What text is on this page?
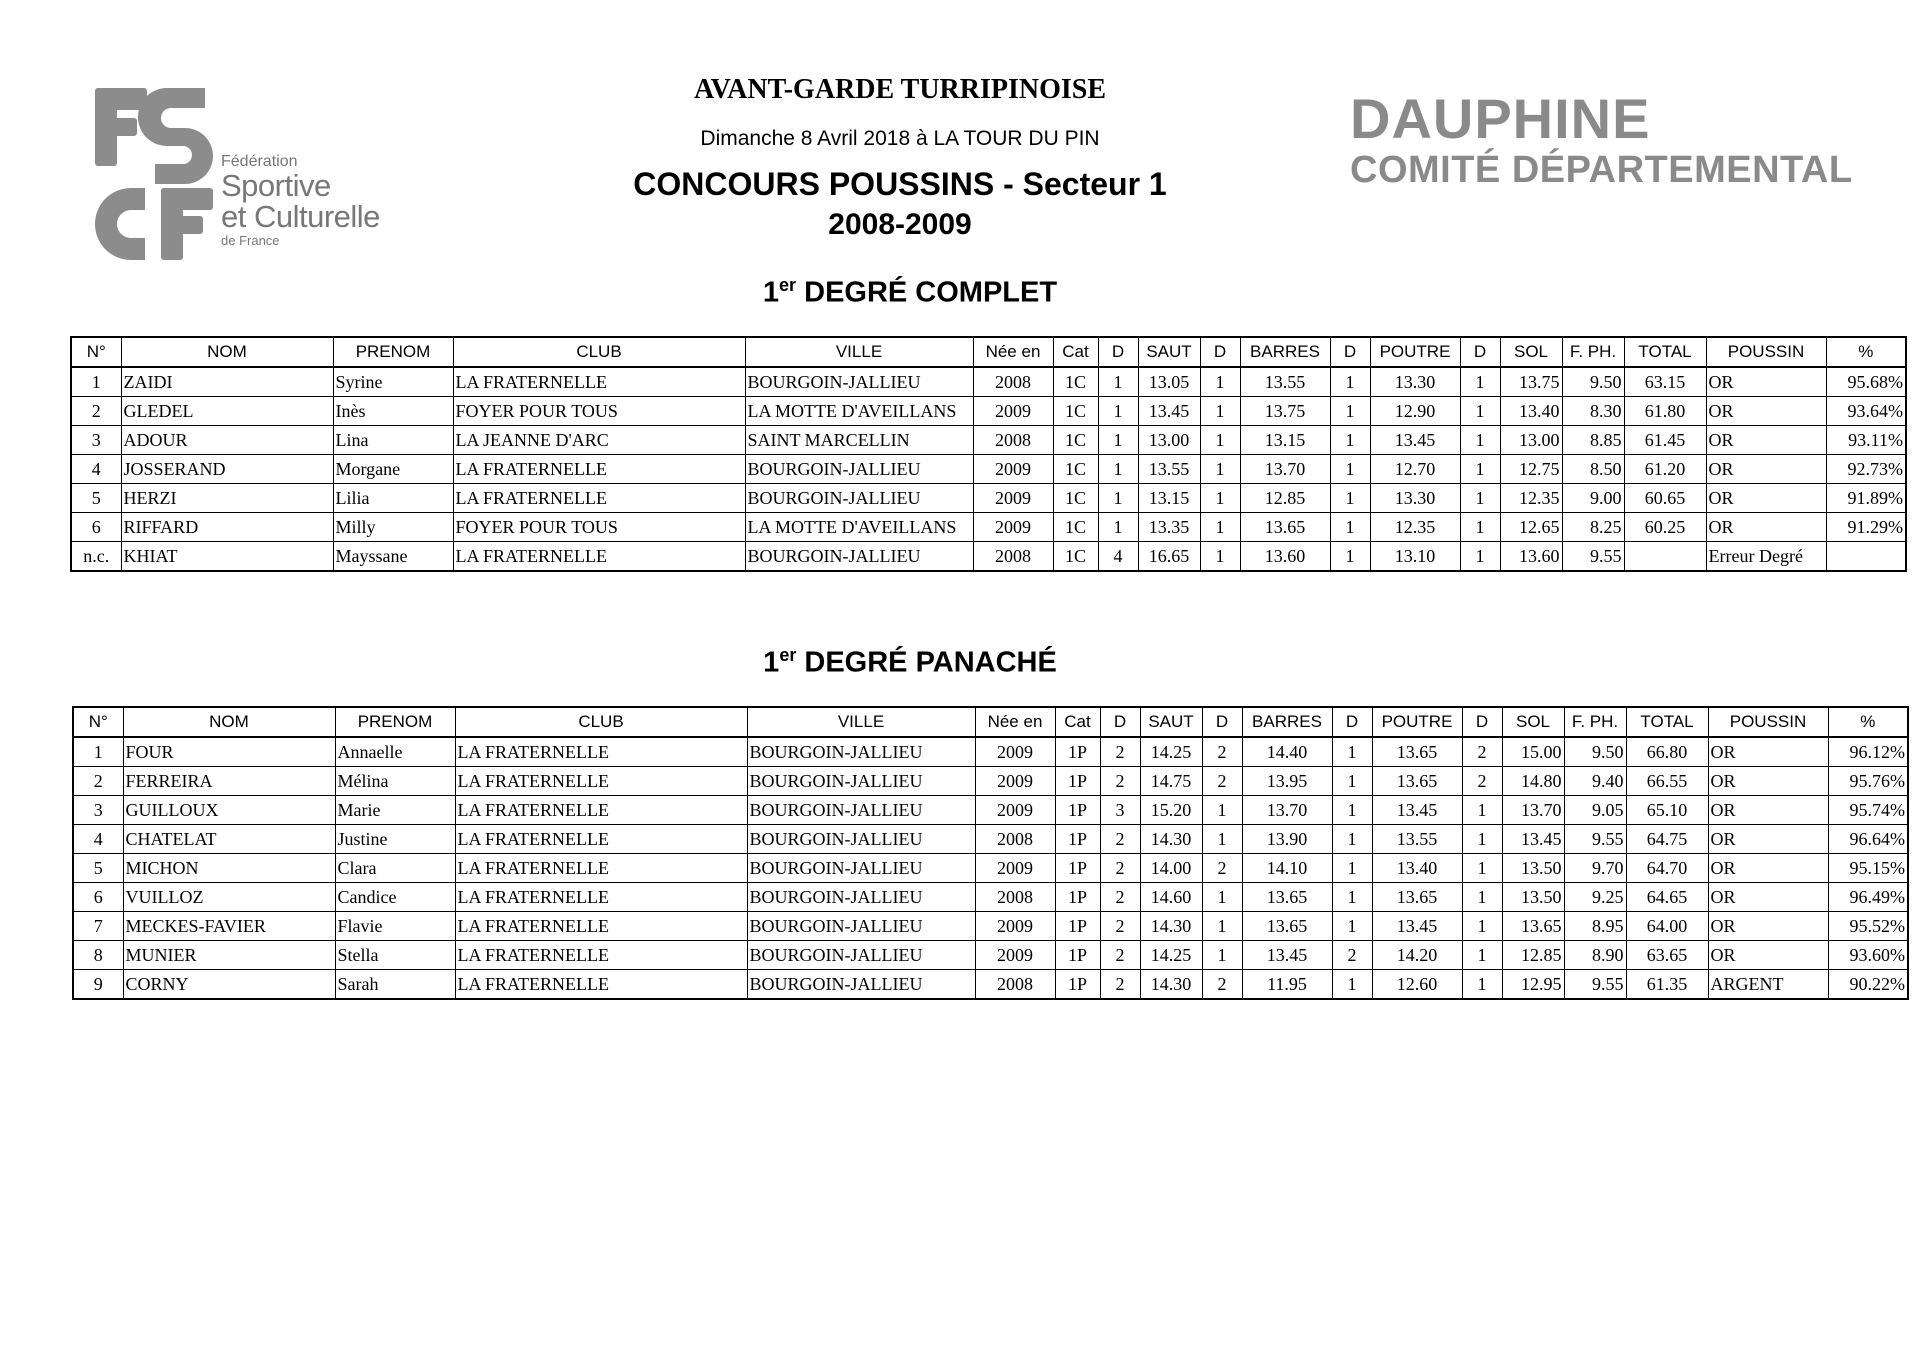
Fédération
Sportive
et Culturelle
de France
AVANT-GARDE TURRIPINOISE
Dimanche 8 Avril 2018 à LA TOUR DU PIN
CONCOURS POUSSINS - Secteur 1
2008-2009
DAUPHINE
COMITÉ DÉPARTEMENTAL
1er DEGRÉ COMPLET
N°	NOM	PRENOM	CLUB	VILLE	Née en	Cat	D	SAUT	D	BARRES	D	POUTRE	D	SOL	F. PH.	TOTAL	POUSSIN	%
1	ZAIDI	Syrine	LA FRATERNELLE	BOURGOIN-JALLIEU	2008	1C	1	13.05	1	13.55	1	13.30	1	13.75	9.50	63.15	OR	95.68%
2	GLEDEL	Inès	FOYER POUR TOUS	LA MOTTE D'AVEILLANS	2009	1C	1	13.45	1	13.75	1	12.90	1	13.40	8.30	61.80	OR	93.64%
3	ADOUR	Lina	LA JEANNE D'ARC	SAINT MARCELLIN	2008	1C	1	13.00	1	13.15	1	13.45	1	13.00	8.85	61.45	OR	93.11%
4	JOSSERAND	Morgane	LA FRATERNELLE	BOURGOIN-JALLIEU	2009	1C	1	13.55	1	13.70	1	12.70	1	12.75	8.50	61.20	OR	92.73%
5	HERZI	Lilia	LA FRATERNELLE	BOURGOIN-JALLIEU	2009	1C	1	13.15	1	12.85	1	13.30	1	12.35	9.00	60.65	OR	91.89%
6	RIFFARD	Milly	FOYER POUR TOUS	LA MOTTE D'AVEILLANS	2009	1C	1	13.35	1	13.65	1	12.35	1	12.65	8.25	60.25	OR	91.29%
n.c.	KHIAT	Mayssane	LA FRATERNELLE	BOURGOIN-JALLIEU	2008	1C	4	16.65	1	13.60	1	13.10	1	13.60	9.55		Erreur Degré	
1er DEGRÉ PANACHÉ
N°	NOM	PRENOM	CLUB	VILLE	Née en	Cat	D	SAUT	D	BARRES	D	POUTRE	D	SOL	F. PH.	TOTAL	POUSSIN	%
1	FOUR	Annaelle	LA FRATERNELLE	BOURGOIN-JALLIEU	2009	1P	2	14.25	2	14.40	1	13.65	2	15.00	9.50	66.80	OR	96.12%
2	FERREIRA	Mélina	LA FRATERNELLE	BOURGOIN-JALLIEU	2009	1P	2	14.75	2	13.95	1	13.65	2	14.80	9.40	66.55	OR	95.76%
3	GUILLOUX	Marie	LA FRATERNELLE	BOURGOIN-JALLIEU	2009	1P	3	15.20	1	13.70	1	13.45	1	13.70	9.05	65.10	OR	95.74%
4	CHATELAT	Justine	LA FRATERNELLE	BOURGOIN-JALLIEU	2008	1P	2	14.30	1	13.90	1	13.55	1	13.45	9.55	64.75	OR	96.64%
5	MICHON	Clara	LA FRATERNELLE	BOURGOIN-JALLIEU	2009	1P	2	14.00	2	14.10	1	13.40	1	13.50	9.70	64.70	OR	95.15%
6	VUILLOZ	Candice	LA FRATERNELLE	BOURGOIN-JALLIEU	2008	1P	2	14.60	1	13.65	1	13.65	1	13.50	9.25	64.65	OR	96.49%
7	MECKES-FAVIER	Flavie	LA FRATERNELLE	BOURGOIN-JALLIEU	2009	1P	2	14.30	1	13.65	1	13.45	1	13.65	8.95	64.00	OR	95.52%
8	MUNIER	Stella	LA FRATERNELLE	BOURGOIN-JALLIEU	2009	1P	2	14.25	1	13.45	2	14.20	1	12.85	8.90	63.65	OR	93.60%
9	CORNY	Sarah	LA FRATERNELLE	BOURGOIN-JALLIEU	2008	1P	2	14.30	2	11.95	1	12.60	1	12.95	9.55	61.35	ARGENT	90.22%
